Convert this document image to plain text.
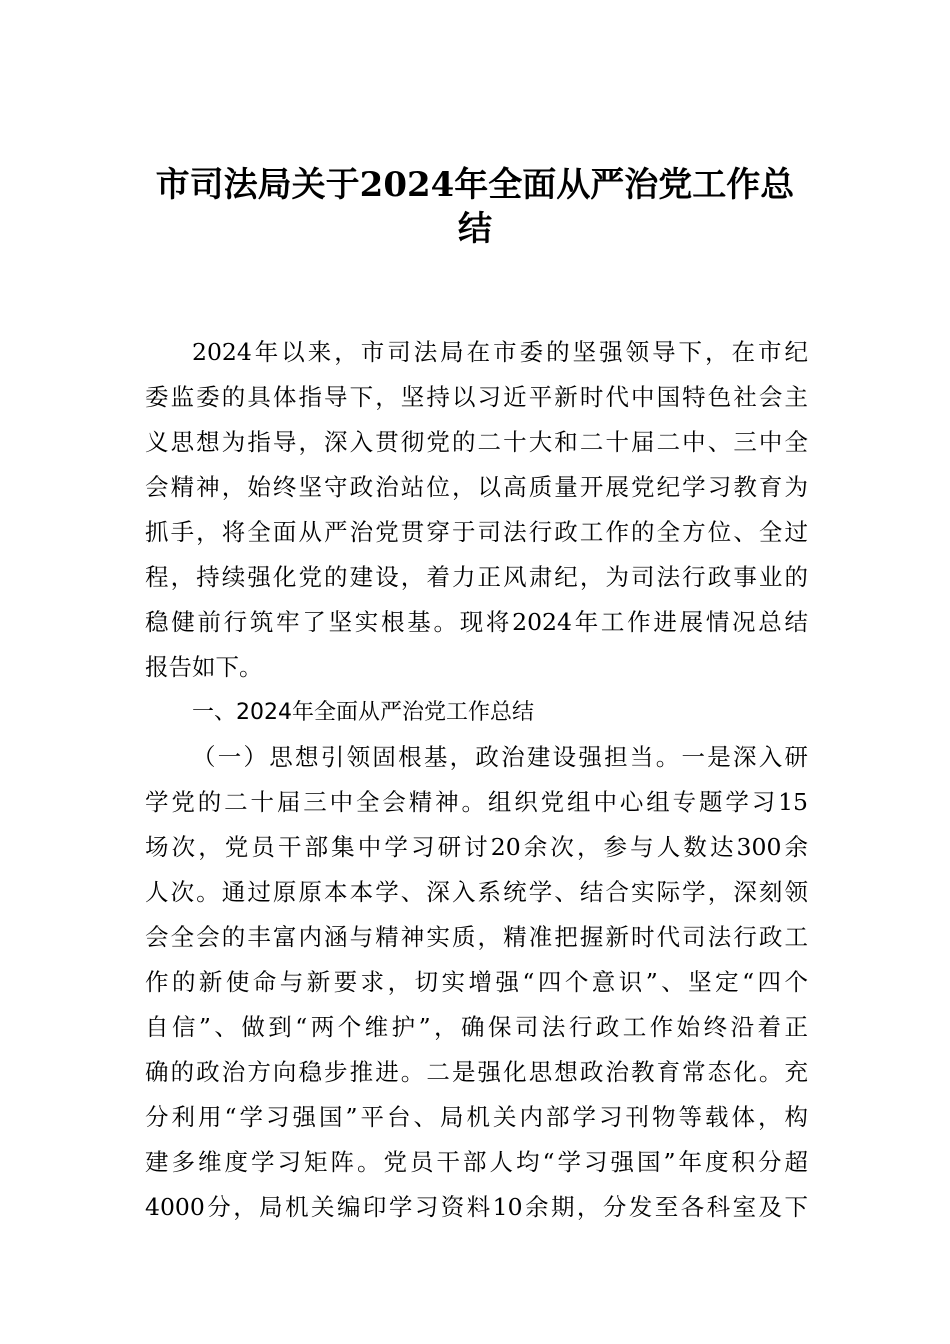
市司法局关于2024年全面从严治党工作总
结
2024年以来，市司法局在市委的坚强领导下，在市纪
委监委的具体指导下，坚持以习近平新时代中国特色社会主
义思想为指导，深入贯彻党的二十大和二十届二中、三中全
会精神，始终坚守政治站位，以高质量开展党纪学习教育为
抓手，将全面从严治党贯穿于司法行政工作的全方位、全过
程，持续强化党的建设，着力正风肃纪，为司法行政事业的
稳健前行筑牢了坚实根基。现将2024年工作进展情况总结
报告如下。
一、2024年全面从严治党工作总结
（一）思想引领固根基，政治建设强担当。一是深入研
学党的二十届三中全会精神。组织党组中心组专题学习15
场次，党员干部集中学习研讨20余次，参与人数达300余
人次。通过原原本本学、深入系统学、结合实际学，深刻领
会全会的丰富内涵与精神实质，精准把握新时代司法行政工
作的新使命与新要求，切实增强“四个意识”、坚定“四个
自信”、做到“两个维护”，确保司法行政工作始终沿着正
确的政治方向稳步推进。二是强化思想政治教育常态化。充
分利用“学习强国”平台、局机关内部学习刊物等载体，构
建多维度学习矩阵。党员干部人均“学习强国”年度积分超
4000分，局机关编印学习资料10余期，分发至各科室及下
